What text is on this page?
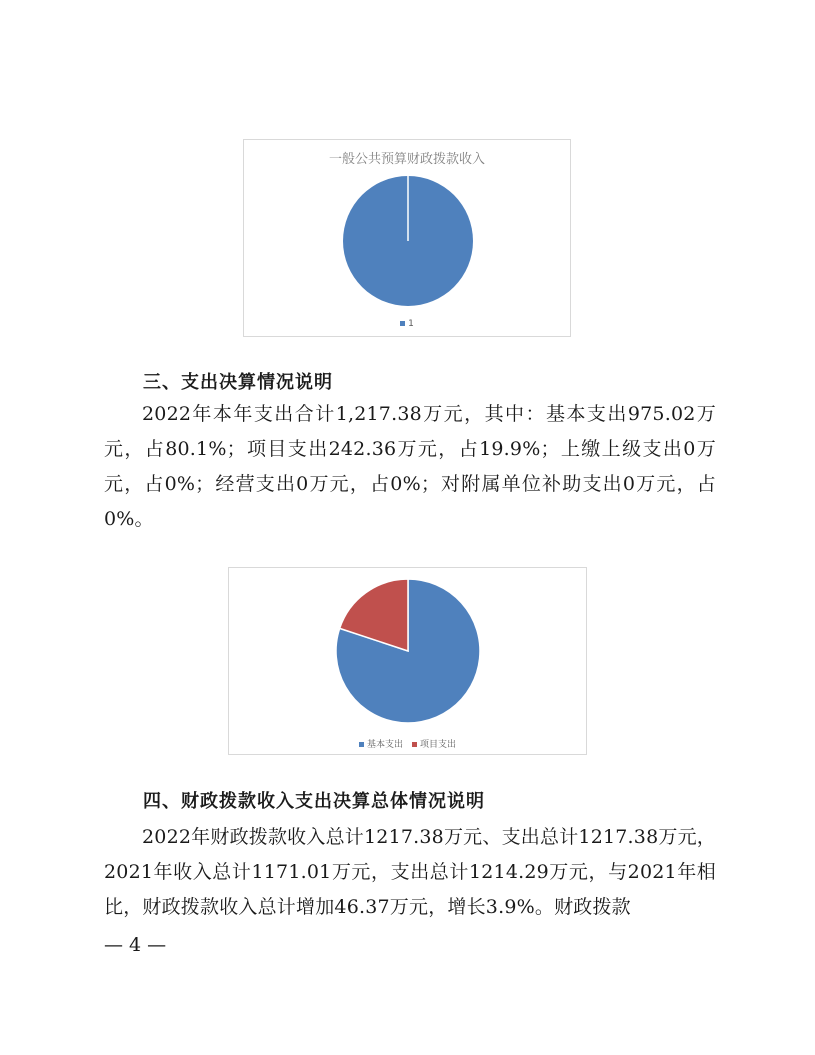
一般公共预算财政拨款收入
1
三、支出决算情况说明
2022年本年支出合计1,217.38万元，其中：基本支出975.02万元，占80.1%；项目支出242.36万元，占19.9%；上缴上级支出0万元，占0%；经营支出0万元，占0%；对附属单位补助支出0万元，占0%。
基本支出 项目支出
四、财政拨款收入支出决算总体情况说明
2022年财政拨款收入总计1217.38万元、支出总计1217.38万元，2021年收入总计1171.01万元，支出总计1214.29万元，与2021年相比，财政拨款收入总计增加46.37万元，增长3.9%。财政拨款
— 4 —
